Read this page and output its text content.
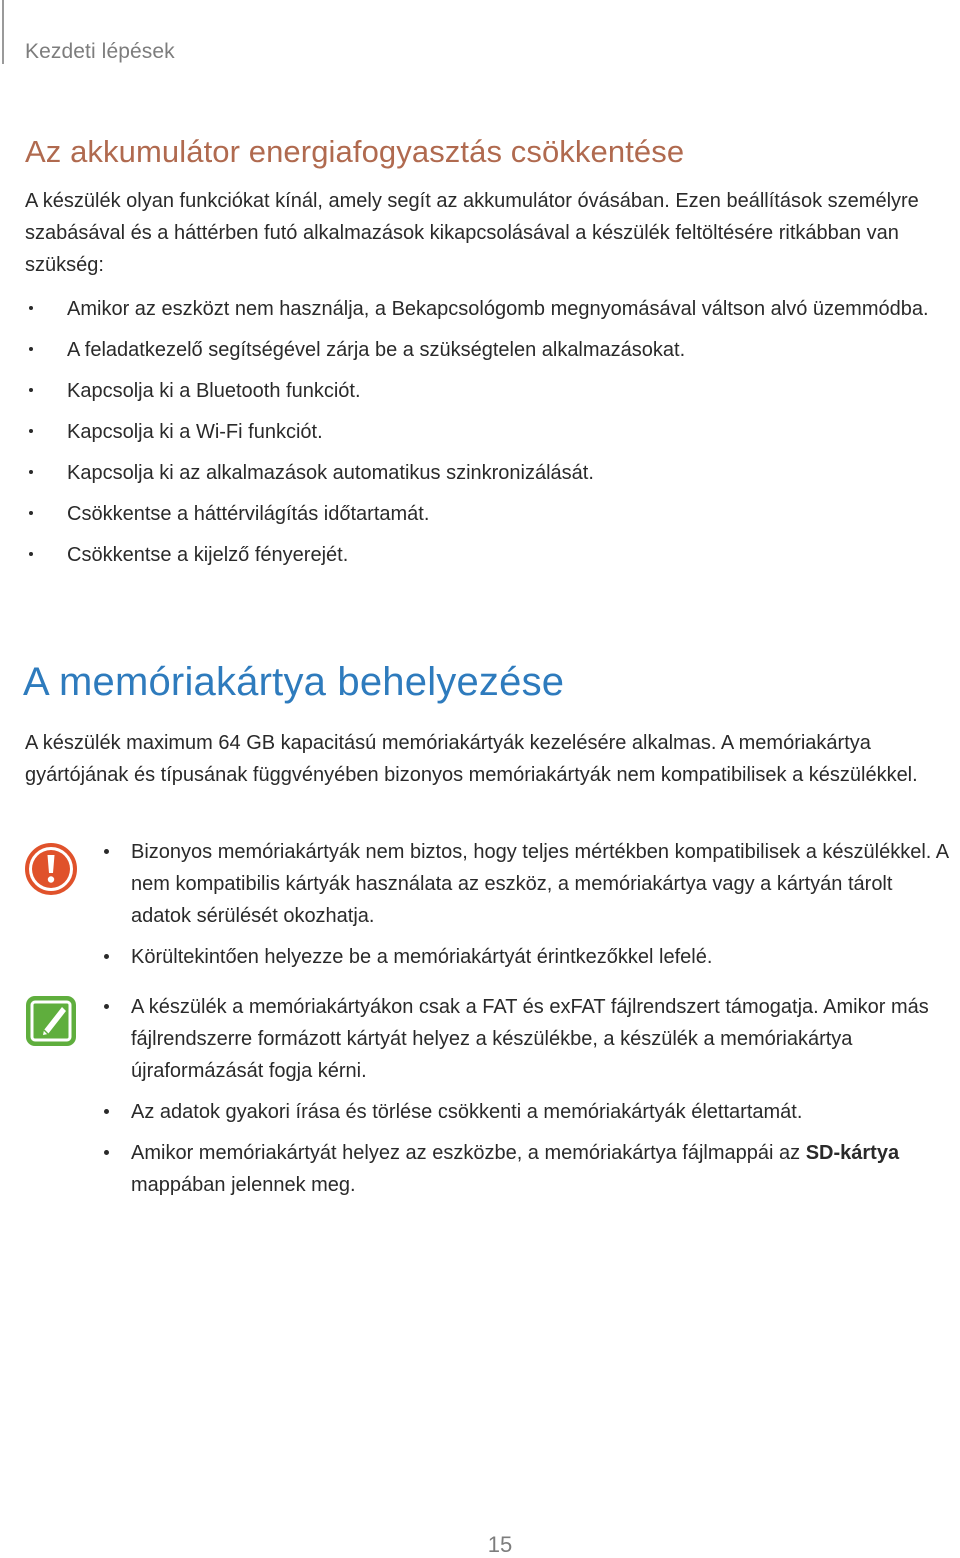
Kezdeti lépések
Az akkumulátor energiafogyasztás csökkentése

A készülék olyan funkciókat kínál, amely segít az akkumulátor óvásában. Ezen beállítások személyre szabásával és a háttérben futó alkalmazások kikapcsolásával a készülék feltöltésére ritkábban van szükség:

Amikor az eszközt nem használja, a Bekapcsológomb megnyomásával váltson alvó üzemmódba.
A feladatkezelő segítségével zárja be a szükségtelen alkalmazásokat.
Kapcsolja ki a Bluetooth funkciót.
Kapcsolja ki a Wi-Fi funkciót.
Kapcsolja ki az alkalmazások automatikus szinkronizálását.
Csökkentse a háttérvilágítás időtartamát.
Csökkentse a kijelző fényerejét.
A memóriakártya behelyezése

A készülék maximum 64 GB kapacitású memóriakártyák kezelésére alkalmas. A memóriakártya gyártójának és típusának függvényében bizonyos memóriakártyák nem kompatibilisek a készülékkel.

Bizonyos memóriakártyák nem biztos, hogy teljes mértékben kompatibilisek a készülékkel. A nem kompatibilis kártyák használata az eszköz, a memóriakártya vagy a kártyán tárolt adatok sérülését okozhatja.
Körültekintően helyezze be a memóriakártyát érintkezőkkel lefelé.
A készülék a memóriakártyákon csak a FAT és exFAT fájlrendszert támogatja. Amikor más fájlrendszerre formázott kártyát helyez a készülékbe, a készülék a memóriakártya újraformázását fogja kérni.
Az adatok gyakori írása és törlése csökkenti a memóriakártyák élettartamát.
Amikor memóriakártyát helyez az eszközbe, a memóriakártya fájlmappái az SD-kártya mappában jelennek meg.
15
